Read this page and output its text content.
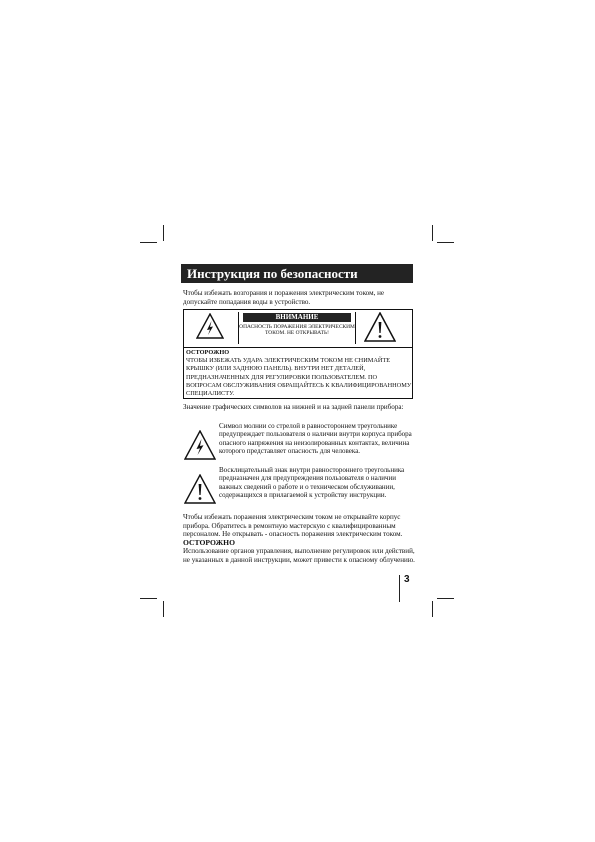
Инструкция по безопасности
Чтобы избежать возгорания и поражения электрическим током, не допускайте попадания воды в устройство.
ВНИМАНИЕ
ОПАСНОСТЬ ПОРАЖЕНИЯ ЭЛЕКТРИЧЕСКИМ ТОКОМ. НЕ ОТКРЫВАТЬ!
ОСТОРОЖНО
ЧТОБЫ ИЗБЕЖАТЬ УДАРА ЭЛЕКТРИЧЕСКИМ ТОКОМ НЕ СНИМАЙТЕ КРЫШКУ (ИЛИ ЗАДНЮЮ ПАНЕЛЬ). ВНУТРИ НЕТ ДЕТАЛЕЙ, ПРЕДНАЗНАЧЕННЫХ ДЛЯ РЕГУЛИРОВКИ ПОЛЬЗОВАТЕЛЕМ. ПО ВОПРОСАМ ОБСЛУЖИВАНИЯ ОБРАЩАЙТЕСЬ К КВАЛИФИЦИРОВАННОМУ СПЕЦИАЛИСТУ.
Значение графических символов на нижней и на задней панели прибора:
Символ молнии со стрелой в равностороннем треугольнике предупреждает пользователя о наличии внутри корпуса прибора опасного напряжения на неизолированных контактах, величина которого представляет опасность для человека.
Восклицательный знак внутри равностороннего треугольника предназначен для предупреждения пользователя о наличии важных сведений о работе и о техническом обслуживании, содержащихся в прилагаемой к устройству инструкции.
Чтобы избежать поражения электрическим током не открывайте корпус прибора. Обратитесь в ремонтную мастерскую с квалифицированным персоналом. Не открывать - опасность поражения электрическим током.
ОСТОРОЖНО
Использование органов управления, выполнение регулировок или действий, не указанных в данной инструкции, может привести к опасному облучению.
3
